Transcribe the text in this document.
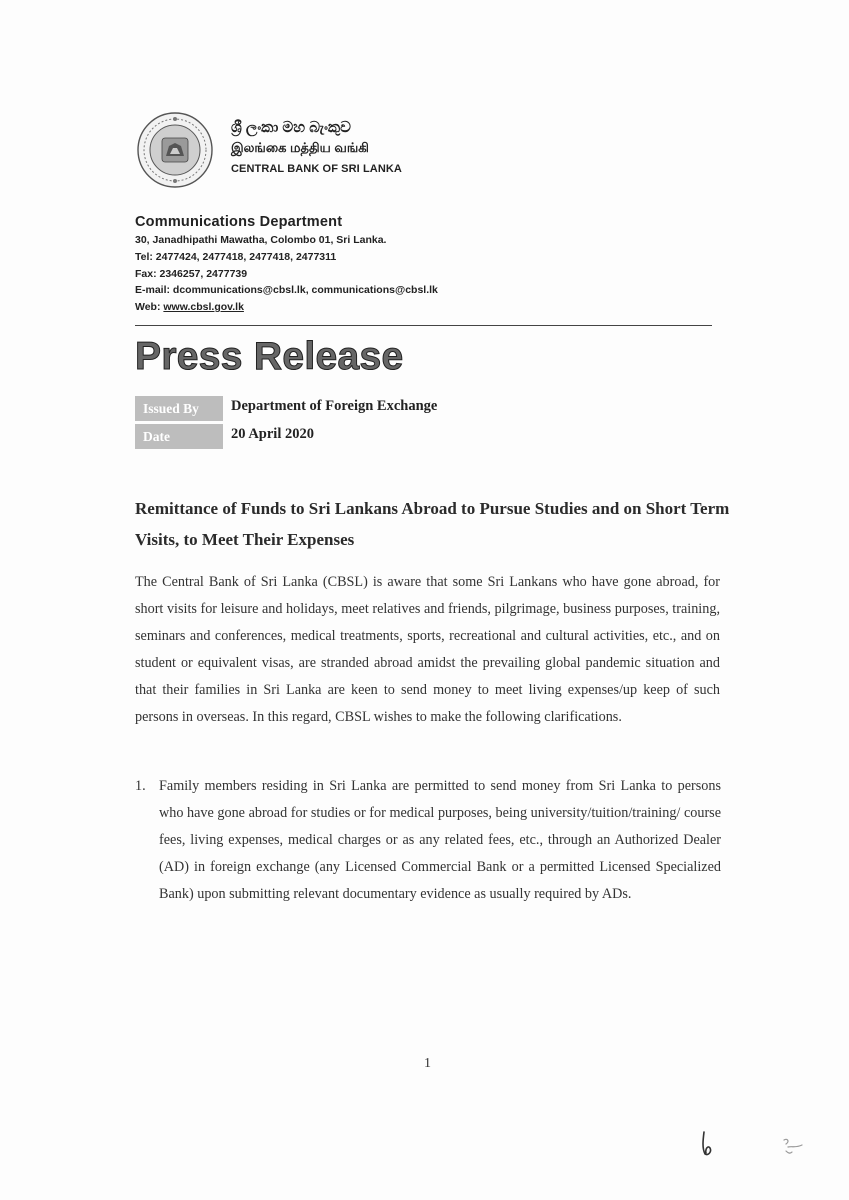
ශ්‍රී ලංකා මහ බැංකුව
இலங்கை மத்திய வங்கி
CENTRAL BANK OF SRI LANKA
Communications Department
30, Janadhipathi Mawatha, Colombo 01, Sri Lanka.
Tel: 2477424, 2477418, 2477418, 2477311
Fax: 2346257, 2477739
E-mail: dcommunications@cbsl.lk, communications@cbsl.lk
Web: www.cbsl.gov.lk
Press Release
Issued By	Department of Foreign Exchange
Date	20 April 2020
Remittance of Funds to Sri Lankans Abroad to Pursue Studies and on Short Term Visits, to Meet Their Expenses
The Central Bank of Sri Lanka (CBSL) is aware that some Sri Lankans who have gone abroad, for short visits for leisure and holidays, meet relatives and friends, pilgrimage, business purposes, training, seminars and conferences, medical treatments, sports, recreational and cultural activities, etc., and on student or equivalent visas, are stranded abroad amidst the prevailing global pandemic situation and that their families in Sri Lanka are keen to send money to meet living expenses/up keep of such persons in overseas. In this regard, CBSL wishes to make the following clarifications.
1. Family members residing in Sri Lanka are permitted to send money from Sri Lanka to persons who have gone abroad for studies or for medical purposes, being university/tuition/training/ course fees, living expenses, medical charges or as any related fees, etc., through an Authorized Dealer (AD) in foreign exchange (any Licensed Commercial Bank or a permitted Licensed Specialized Bank) upon submitting relevant documentary evidence as usually required by ADs.
1
